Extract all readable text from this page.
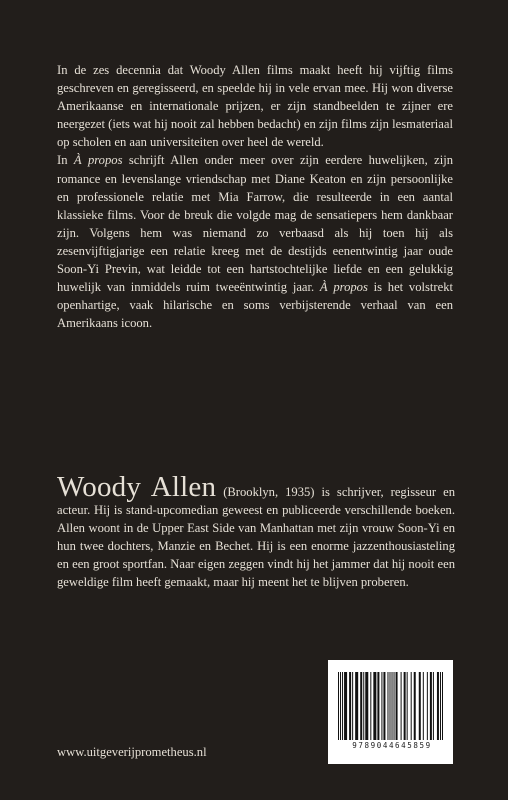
In de zes decennia dat Woody Allen films maakt heeft hij vijftig films geschreven en geregisseerd, en speelde hij in vele ervan mee. Hij won diverse Amerikaanse en internationale prijzen, er zijn standbeelden te zijner ere neergezet (iets wat hij nooit zal hebben bedacht) en zijn films zijn lesmateriaal op scholen en aan universiteiten over heel de wereld.

In À propos schrijft Allen onder meer over zijn eerdere huwelijken, zijn romance en levenslange vriendschap met Diane Keaton en zijn persoonlijke en professionele relatie met Mia Farrow, die resulteerde in een aantal klassieke films. Voor de breuk die volgde mag de sensatiepers hem dankbaar zijn. Volgens hem was niemand zo verbaasd als hij toen hij als zesenvijftigjarige een relatie kreeg met de destijds eenentwintig jaar oude Soon-Yi Previn, wat leidde tot een hartstochtelijke liefde en een gelukkig huwelijk van inmiddels ruim tweeëntwintig jaar. À propos is het volstrekt openhartige, vaak hilarische en soms verbijsterende verhaal van een Amerikaans icoon.

Woody Allen (Brooklyn, 1935) is schrijver, regisseur en acteur. Hij is stand-upcomedian geweest en publiceerde verschillende boeken. Allen woont in de Upper East Side van Manhattan met zijn vrouw Soon-Yi en hun twee dochters, Manzie en Bechet. Hij is een enorme jazzenthousiasteling en een groot sportfan. Naar eigen zeggen vindt hij het jammer dat hij nooit een geweldige film heeft gemaakt, maar hij meent het te blijven proberen.

9789044645859
www.uitgeverijprometheus.nl
